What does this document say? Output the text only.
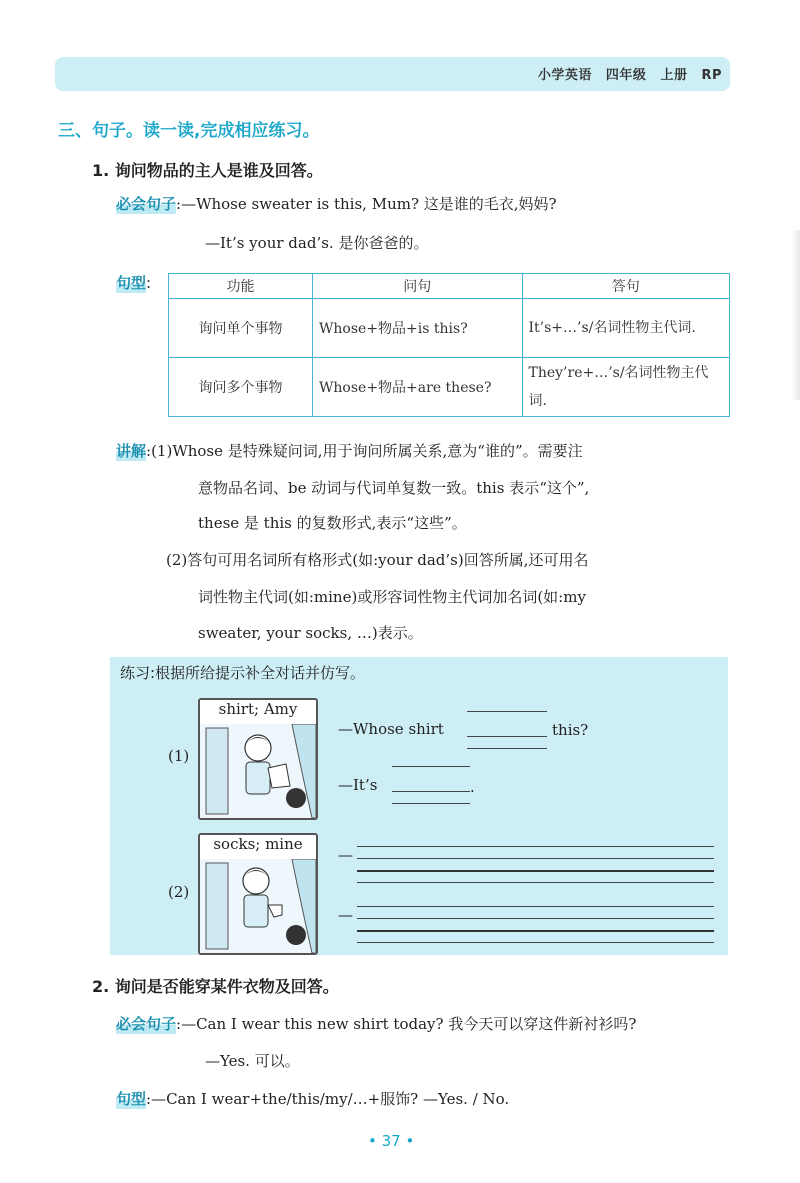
小学英语 四年级 上册 RP
三、句子。读一读,完成相应练习。
1. 询问物品的主人是谁及回答。
必会句子:—Whose sweater is this, Mum? 这是谁的毛衣,妈妈?
—It’s your dad’s. 是你爸爸的。
句型:	功能	问句	答句
询问单个事物	Whose+物品+is this?	It’s+…’s/名词性物主代词.
询问多个事物	Whose+物品+are these?	They’re+…’s/名词性物主代词.
讲解:(1)Whose 是特殊疑问词,用于询问所属关系,意为“谁的”。需要注
意物品名词、be 动词与代词单复数一致。this 表示“这个”,
these 是 this 的复数形式,表示“这些”。
(2)答句可用名词所有格形式(如:your dad’s)回答所属,还可用名
词性物主代词(如:mine)或形容词性物主代词加名词(如:my
sweater, your socks, …)表示。
练习:根据所给提示补全对话并仿写。
(1)
shirt; Amy
—Whose shirt	this?
—It’s	.
(2)
socks; mine
—
—
2. 询问是否能穿某件衣物及回答。
必会句子:—Can I wear this new shirt today? 我今天可以穿这件新衬衫吗?
—Yes. 可以。
句型:—Can I wear+the/this/my/…+服饰? —Yes. / No.
• 37 •
